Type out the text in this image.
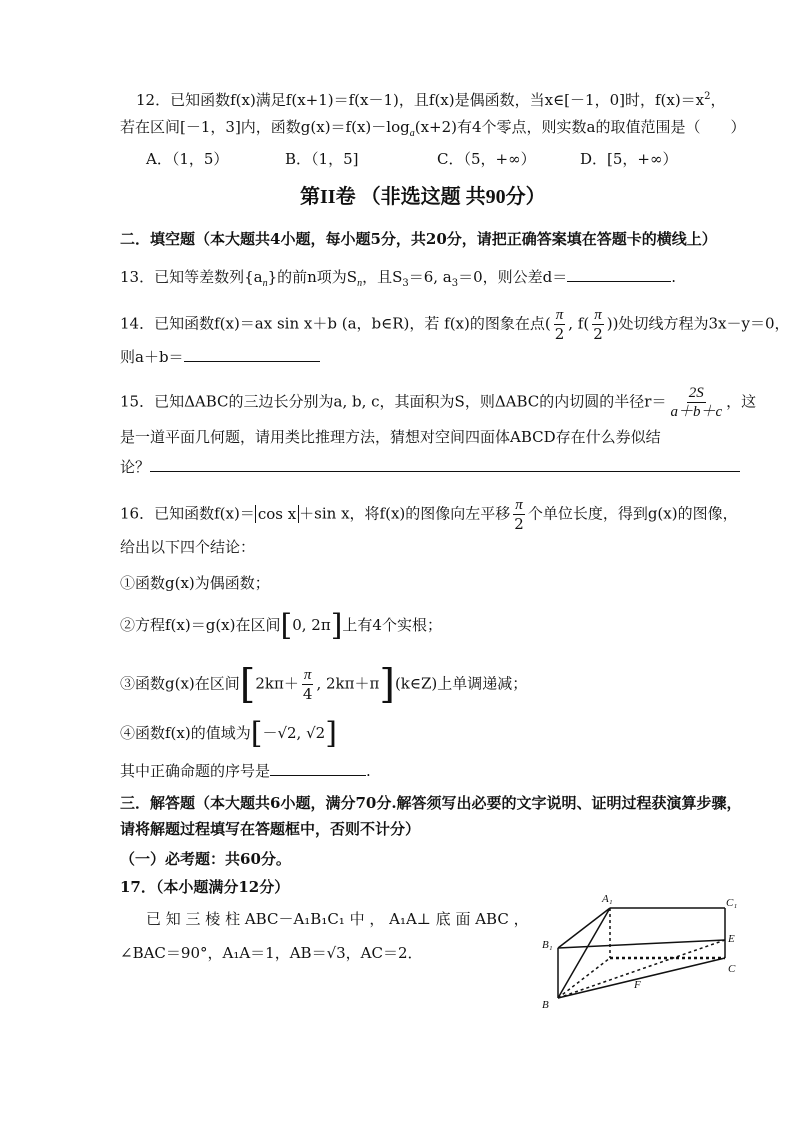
12．已知函数f(x)满足f(x+1)＝f(x－1)，且f(x)是偶函数，当x∈[－1，0]时，$f(x)=x^2$，
若在区间[－1，3]内，函数$g(x)=f(x)-\log_a(x+2)$有4个零点，则实数a的取值范围是（　　）
A．（1，5）	B．（1，5]	C．（5，+∞）	D．[5，+∞）
第II卷 （非选这题 共90分）
二．填空题（本大题共4小题，每小题5分，共20分，请把正确答案填在答题卡的横线上）
13．已知等差数列$\{a_n\}$的前n项为$S_n$，且$S_3=6$, $a_3=0$，则公差d＝	.
14．已知函数f(x)＝ax sin x＋b (a，b∈R)，若 f(x)的图象在点( $\frac{\pi}{2}$ , $f( \frac{\pi}{2}$ ))处切线方程为3x－y＝0，
则a＋b＝
15．已知ΔABC的三边长分别为a, b, c，其面积为S，则ΔABC的内切圆的半径$r= \frac{2S}{a+b+c}$ ，这
是一道平面几何题，请用类比推理方法，猜想对空间四面体ABCD存在什么券似结
论？
16．已知函数f(x)＝ cos x ＋sin x，将f(x)的图像向左平移 $\frac{\pi}{2}$ 个单位长度，得到g(x)的图像，
给出以下四个结论：
①函数g(x)为偶函数；
②方程f(x)＝g(x)在区间[0, 2π]上有4个实根；
③函数g(x)在区间[$2k\pi+ \frac{\pi}{4}$ , 2kπ＋π](k∈Z)上单调递减；
④函数f(x)的值域为[－√2, √2]
其中正确命题的序号是	.
三．解答题（本大题共6小题，满分70分.解答须写出必要的文字说明、证明过程获演算步骤，
请将解题过程填写在答题框中，否则不计分）
（一）必考题：共60分。
17．（本小题满分12分）
已 知 三 棱 柱 ABC－A₁B₁C₁ 中 ， A₁A⊥ 底 面 ABC ，
∠BAC＝90°，A₁A＝1，AB＝√3，AC＝2．
A₁	C₁
B₁	E
C
F
B
